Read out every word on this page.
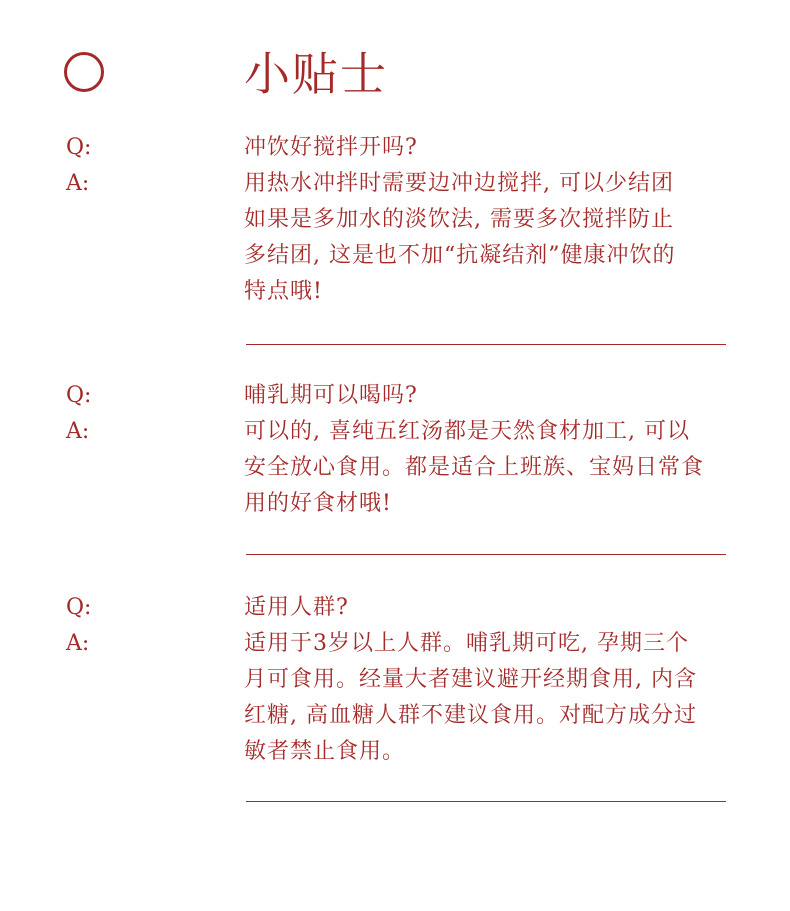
小贴士
Q:	冲饮好搅拌开吗?
A:	用热水冲拌时需要边冲边搅拌, 可以少结团
如果是多加水的淡饮法, 需要多次搅拌防止
多结团, 这是也不加“抗凝结剂”健康冲饮的
特点哦!
Q:	哺乳期可以喝吗?
A:	可以的, 喜纯五红汤都是天然食材加工, 可以
安全放心食用。都是适合上班族、宝妈日常食
用的好食材哦!
Q:	适用人群?
A:	适用于3岁以上人群。哺乳期可吃, 孕期三个
月可食用。经量大者建议避开经期食用, 内含
红糖, 高血糖人群不建议食用。对配方成分过
敏者禁止食用。
